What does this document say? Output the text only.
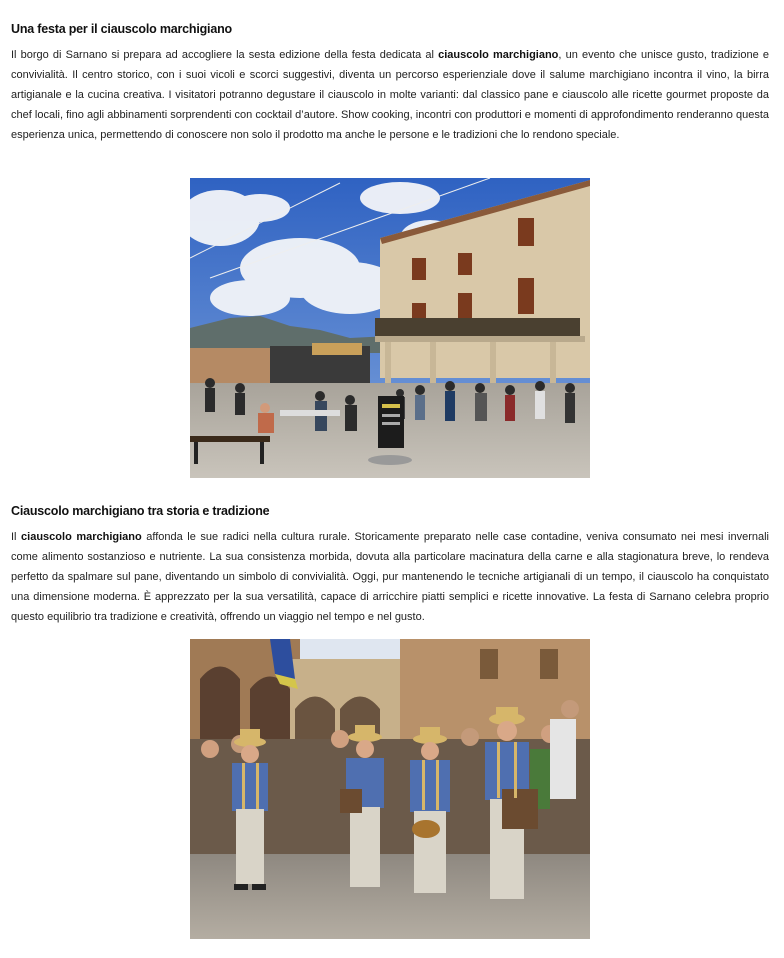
Una festa per il ciauscolo marchigiano

Il borgo di Sarnano si prepara ad accogliere la sesta edizione della festa dedicata al ciauscolo marchigiano, un evento che unisce gusto, tradizione e convivialità. Il centro storico, con i suoi vicoli e scorci suggestivi, diventa un percorso esperienziale dove il salume marchigiano incontra il vino, la birra artigianale e la cucina creativa. I visitatori potranno degustare il ciauscolo in molte varianti: dal classico pane e ciauscolo alle ricette gourmet proposte da chef locali, fino agli abbinamenti sorprendenti con cocktail d’autore. Show cooking, incontri con produttori e momenti di approfondimento renderanno questa esperienza unica, permettendo di conoscere non solo il prodotto ma anche le persone e le tradizioni che lo rendono speciale.

Ciauscolo marchigiano tra storia e tradizione

Il ciauscolo marchigiano affonda le sue radici nella cultura rurale. Storicamente preparato nelle case contadine, veniva consumato nei mesi invernali come alimento sostanzioso e nutriente. La sua consistenza morbida, dovuta alla particolare macinatura della carne e alla stagionatura breve, lo rendeva perfetto da spalmare sul pane, diventando un simbolo di convivialità. Oggi, pur mantenendo le tecniche artigianali di un tempo, il ciauscolo ha conquistato una dimensione moderna. È apprezzato per la sua versatilità, capace di arricchire piatti semplici e ricette innovative. La festa di Sarnano celebra proprio questo equilibrio tra tradizione e creatività, offrendo un viaggio nel tempo e nel gusto.
